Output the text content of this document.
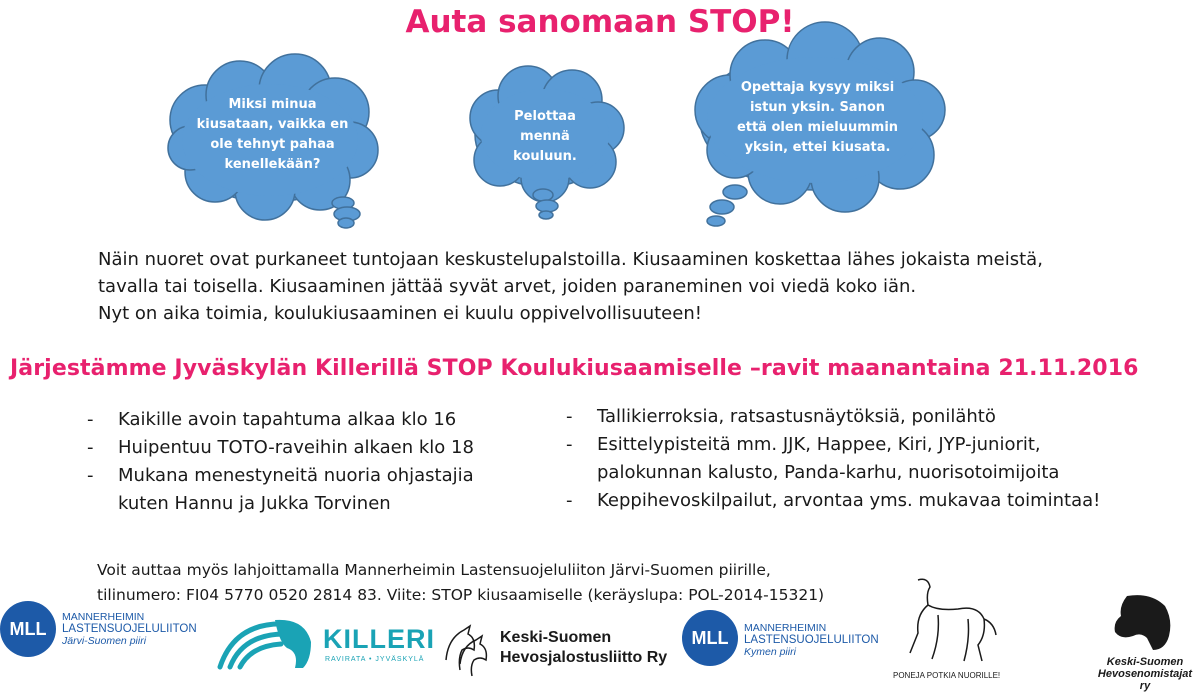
Auta sanomaan STOP!
Miksi minua
kiusataan, vaikka en
ole tehnyt pahaa
kenellekään?
Pelottaa
mennä
kouluun.
Opettaja kysyy miksi
istun yksin. Sanon
että olen mieluummin
yksin, ettei kiusata.
Näin nuoret ovat purkaneet tuntojaan keskustelupalstoilla. Kiusaaminen koskettaa lähes jokaista meistä,
tavalla tai toisella. Kiusaaminen jättää syvät arvet, joiden paraneminen voi viedä koko iän.
Nyt on aika toimia, koulukiusaaminen ei kuulu oppivelvollisuuteen!
Järjestämme Jyväskylän Killerillä STOP Koulukiusaamiselle –ravit maanantaina 21.11.2016
- Kaikille avoin tapahtuma alkaa klo 16
- Huipentuu TOTO-raveihin alkaen klo 18
- Mukana menestyneitä nuoria ohjastajia
kuten Hannu ja Jukka Torvinen
- Tallikierroksia, ratsastusnäytöksiä, ponilähtö
- Esittelypisteitä mm. JJK, Happee, Kiri, JYP-juniorit,
palokunnan kalusto, Panda-karhu, nuorisotoimijoita
- Keppihevoskilpailut, arvontaa yms. mukavaa toimintaa!
Voit auttaa myös lahjoittamalla Mannerheimin Lastensuojeluliiton Järvi-Suomen piirille,
tilinumero: FI04 5770 0520 2814 83. Viite: STOP kiusaamiselle (keräyslupa: POL-2014-15321)
MLL
MANNERHEIMIN
LASTENSUOJELULIITON
Järvi-Suomen piiri	KILLERI
RAVIRATA • JYVÄSKYLÄ
Keski-Suomen
Hevosjalostusliitto Ry
MLL	MANNERHEIMIN
LASTENSUOJELULIITON
Kymen piiri
PONEJA POTKIA NUORILLE!
Keski-Suomen
Hevosenomistajat ry
